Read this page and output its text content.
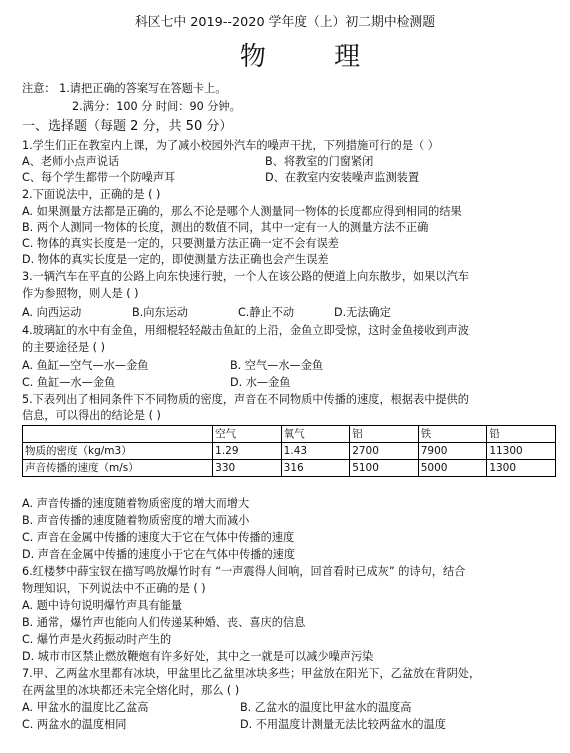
科区七中 2019--2020 学年度（上）初二期中检测题
物 理
注意： 1.请把正确的答案写在答题卡上。
2.满分：100 分 时间：90 分钟。
一、选择题（每题 2 分，共 50 分）
1.学生们正在教室内上课，为了减小校园外汽车的噪声干扰，下列措施可行的是（ ）
A、老师小点声说话	B、将教室的门窗紧闭
C、每个学生都带一个防噪声耳	D、在教室内安装噪声监测装置
2.下面说法中，正确的是 ( )
A. 如果测量方法都是正确的，那么不论是哪个人测量同一物体的长度都应得到相同的结果
B. 两个人测同一物体的长度，测出的数值不同，其中一定有一人的测量方法不正确
C. 物体的真实长度是一定的，只要测量方法正确一定不会有误差
D. 物体的真实长度是一定的，即使测量方法正确也会产生误差
3.一辆汽车在平直的公路上向东快速行驶，一个人在该公路的便道上向东散步，如果以汽车
作为参照物，则人是 ( )
A. 向西运动	B.向东运动	C.静止不动	D.无法确定
4.玻璃缸的水中有金鱼，用细棍轻轻敲击鱼缸的上沿，金鱼立即受惊，这时金鱼接收到声波
的主要途径是 ( )
A. 鱼缸—空气—水—金鱼	B. 空气—水—金鱼
C. 鱼缸—水—金鱼	D. 水—金鱼
5.下表列出了相同条件下不同物质的密度，声音在不同物质中传播的速度，根据表中提供的
信息，可以得出的结论是 ( )
	空气	氧气	铝	铁	铅
物质的密度（kg/m3）	1.29	1.43	2700	7900	11300
声音传播的速度（m/s）	330	316	5100	5000	1300
A. 声音传播的速度随着物质密度的增大而增大
B. 声音传播的速度随着物质密度的增大而减小
C. 声音在金属中传播的速度大于它在气体中传播的速度
D. 声音在金属中传播的速度小于它在气体中传播的速度
6.红楼梦中薛宝钗在描写鸣放爆竹时有 “一声震得人间响，回首看时已成灰” 的诗句，结合
物理知识，下列说法中不正确的是 ( )
A. 题中诗句说明爆竹声具有能量
B. 通常，爆竹声也能向人们传递某种婚、丧、喜庆的信息
C. 爆竹声是火药振动时产生的
D. 城市市区禁止燃放鞭炮有许多好处，其中之一就是可以减少噪声污染
7.甲、乙两盆水里都有冰块，甲盆里比乙盆里冰块多些；甲盆放在阳光下，乙盆放在背阴处，
在两盆里的冰块都还未完全熔化时，那么 ( )
A. 甲盆水的温度比乙盆高	B. 乙盆水的温度比甲盆水的温度高
C. 两盆水的温度相同	D. 不用温度计测量无法比较两盆水的温度
